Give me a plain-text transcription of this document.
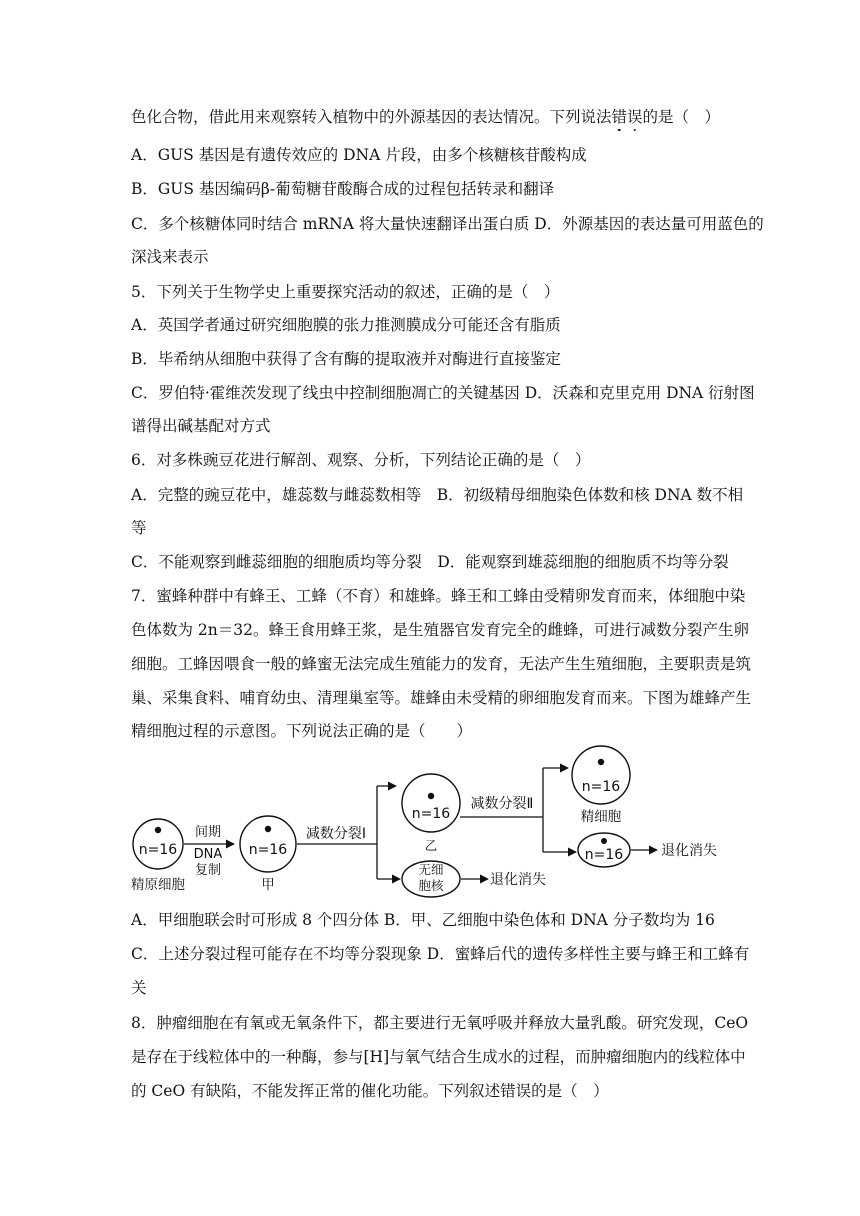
色化合物，借此用来观察转入植物中的外源基因的表达情况。下列说法错误的是（　）
A．GUS 基因是有遗传效应的 DNA 片段，由多个核糖核苷酸构成
B．GUS 基因编码β-葡萄糖苷酸酶合成的过程包括转录和翻译
C．多个核糖体同时结合 mRNA 将大量快速翻译出蛋白质 D．外源基因的表达量可用蓝色的
深浅来表示
5．下列关于生物学史上重要探究活动的叙述，正确的是（　）
A．英国学者通过研究细胞膜的张力推测膜成分可能还含有脂质
B．毕希纳从细胞中获得了含有酶的提取液并对酶进行直接鉴定
C．罗伯特·霍维茨发现了线虫中控制细胞凋亡的关键基因 D．沃森和克里克用 DNA 衍射图
谱得出碱基配对方式
6．对多株豌豆花进行解剖、观察、分析，下列结论正确的是（　）
A．完整的豌豆花中，雄蕊数与雌蕊数相等　B．初级精母细胞染色体数和核 DNA 数不相
等
C．不能观察到雌蕊细胞的细胞质均等分裂　D．能观察到雄蕊细胞的细胞质不均等分裂
7．蜜蜂种群中有蜂王、工蜂（不育）和雄蜂。蜂王和工蜂由受精卵发育而来，体细胞中染
色体数为 2n＝32。蜂王食用蜂王浆，是生殖器官发育完全的雌蜂，可进行减数分裂产生卵
细胞。工蜂因喂食一般的蜂蜜无法完成生殖能力的发育，无法产生生殖细胞，主要职责是筑
巢、采集食料、哺育幼虫、清理巢室等。雄蜂由未受精的卵细胞发育而来。下图为雄蜂产生
精细胞过程的示意图。下列说法正确的是（　　）
n=16
精原细胞
间期
DNA
复制
n=16
甲
减数分裂Ⅰ
n=16
乙
无细
胞核	退化消失
减数分裂Ⅱ
n=16
精细胞
n=16	退化消失
A．甲细胞联会时可形成 8 个四分体 B．甲、乙细胞中染色体和 DNA 分子数均为 16
C．上述分裂过程可能存在不均等分裂现象 D．蜜蜂后代的遗传多样性主要与蜂王和工蜂有
关
8．肿瘤细胞在有氧或无氧条件下，都主要进行无氧呼吸并释放大量乳酸。研究发现，CeO
是存在于线粒体中的一种酶，参与[H]与氧气结合生成水的过程，而肿瘤细胞内的线粒体中
的 CeO 有缺陷，不能发挥正常的催化功能。下列叙述错误的是（　）
